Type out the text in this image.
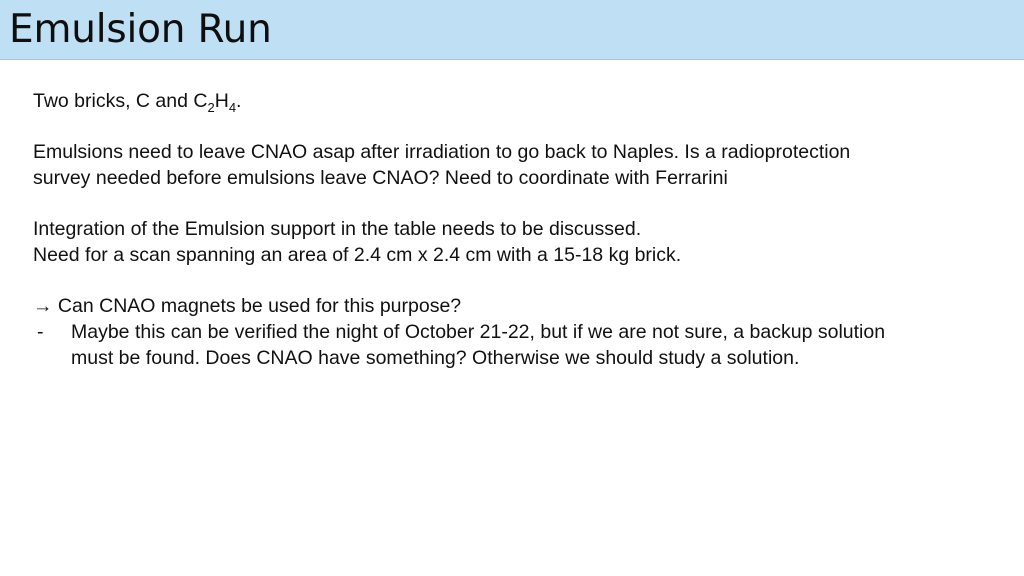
Emulsion Run

Two bricks, C and $C_2H_4$.

Emulsions need to leave CNAO asap after irradiation to go back to Naples. Is a radioprotection
survey needed before emulsions leave CNAO? Need to coordinate with Ferrarini

Integration of the Emulsion support in the table needs to be discussed.
Need for a scan spanning an area of 2.4 cm x 2.4 cm with a 15-18 kg brick.

→ Can CNAO magnets be used for this purpose?
-	Maybe this can be verified the night of October 21-22, but if we are not sure, a backup solution
must be found. Does CNAO have something? Otherwise we should study a solution.
